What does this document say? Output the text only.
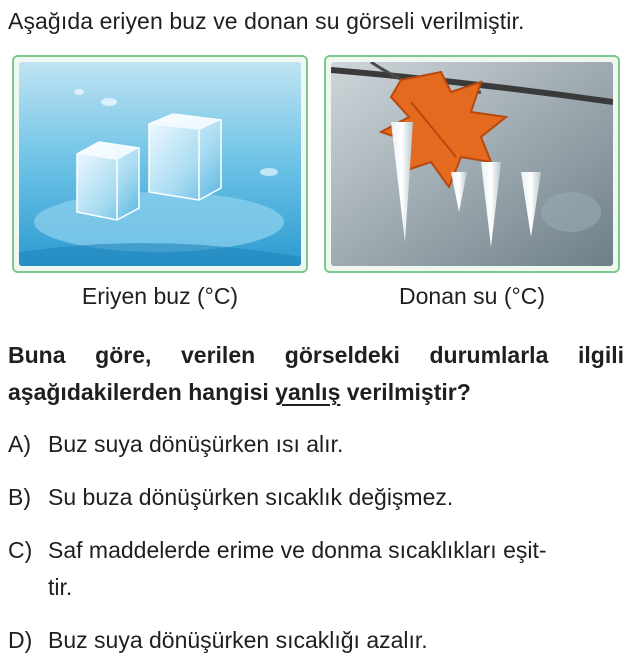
Aşağıda eriyen buz ve donan su görseli verilmiştir.
Eriyen buz (°C)	Donan su (°C)
Buna göre, verilen görseldeki durumlarla ilgili aşağıdakilerden hangisi yanlış verilmiştir?
A) Buz suya dönüşürken ısı alır.
B) Su buza dönüşürken sıcaklık değişmez.
C) Saf maddelerde erime ve donma sıcaklıkları eşit-
tir.
D) Buz suya dönüşürken sıcaklığı azalır.
